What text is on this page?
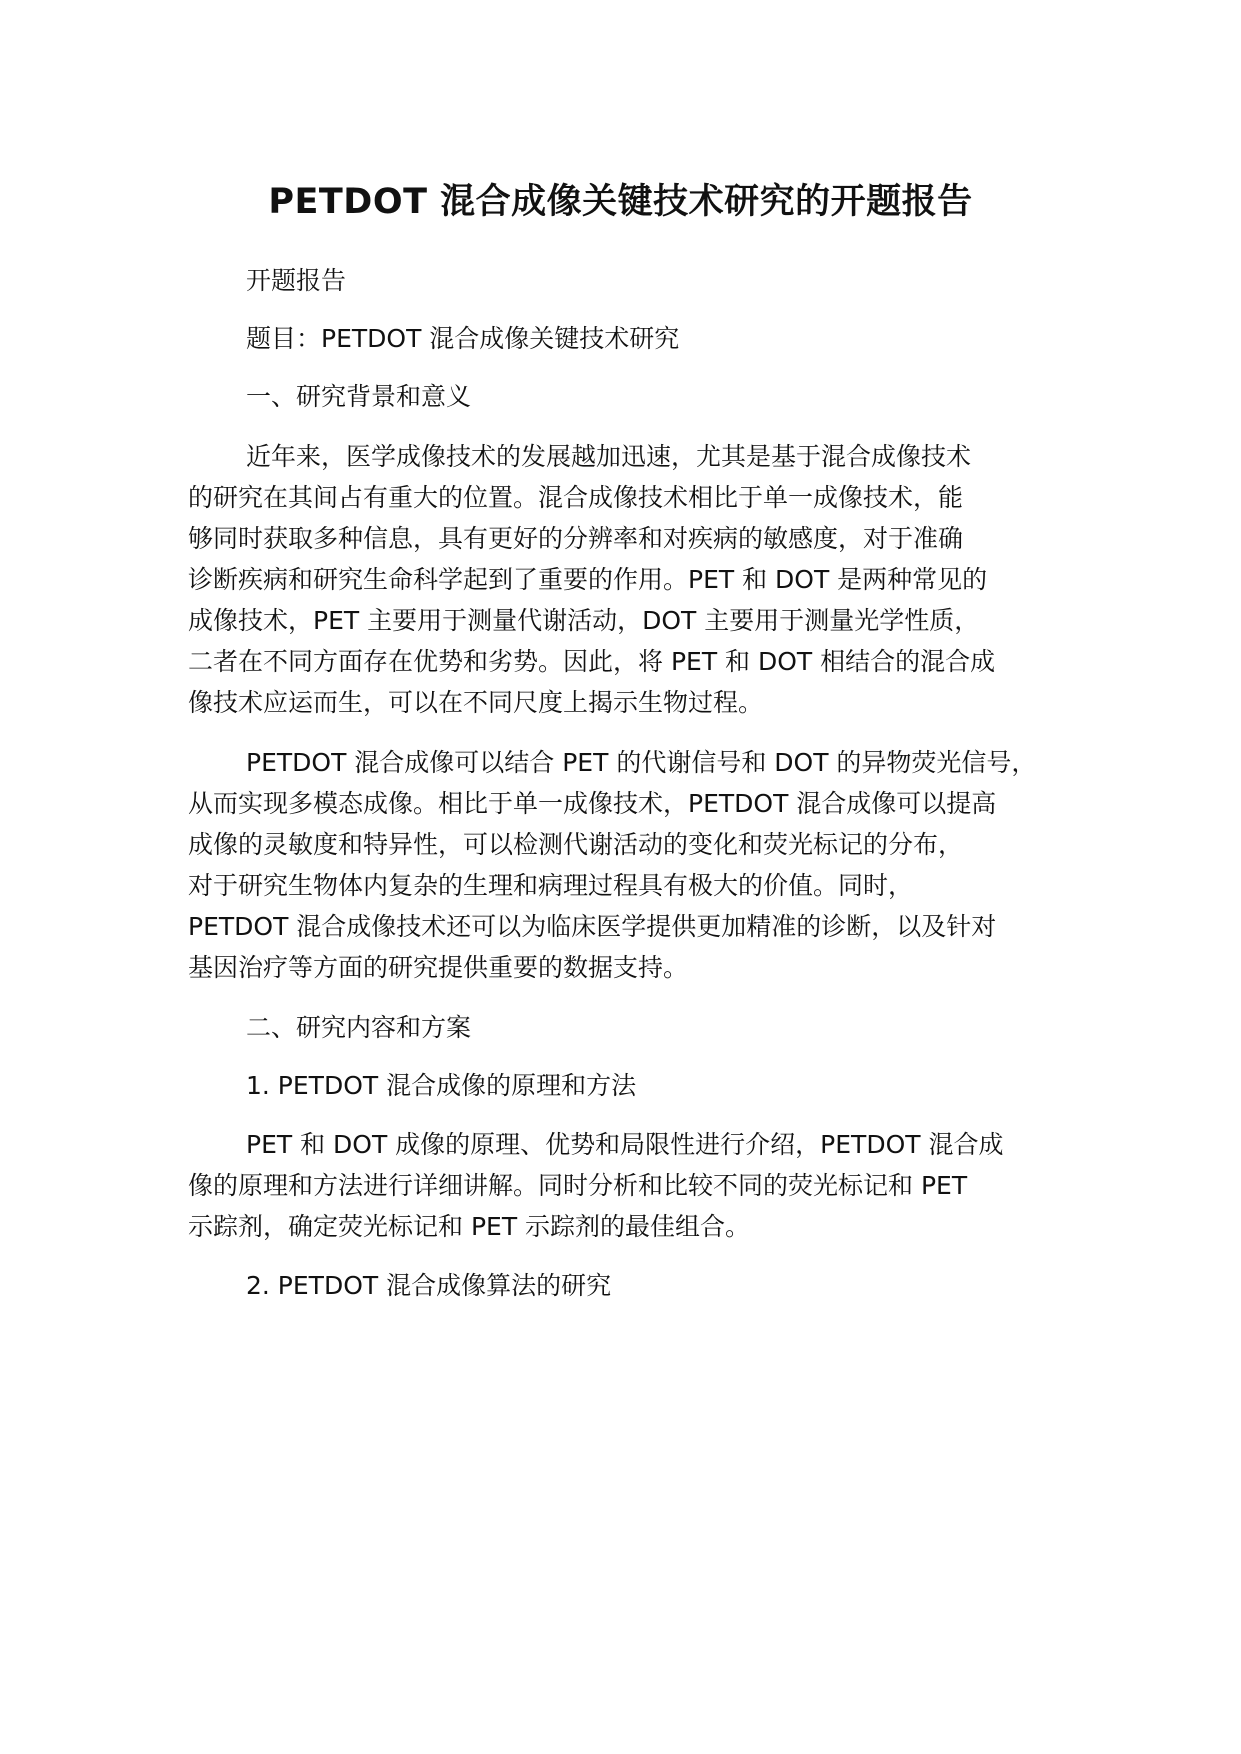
PETDOT 混合成像关键技术研究的开题报告
开题报告
题目：PETDOT 混合成像关键技术研究
一、研究背景和意义
近年来，医学成像技术的发展越加迅速，尤其是基于混合成像技术
的研究在其间占有重大的位置。混合成像技术相比于单一成像技术，能
够同时获取多种信息，具有更好的分辨率和对疾病的敏感度，对于准确
诊断疾病和研究生命科学起到了重要的作用。PET 和 DOT 是两种常见的
成像技术，PET 主要用于测量代谢活动，DOT 主要用于测量光学性质，
二者在不同方面存在优势和劣势。因此，将 PET 和 DOT 相结合的混合成
像技术应运而生，可以在不同尺度上揭示生物过程。
PETDOT 混合成像可以结合 PET 的代谢信号和 DOT 的异物荧光信号，
从而实现多模态成像。相比于单一成像技术，PETDOT 混合成像可以提高
成像的灵敏度和特异性，可以检测代谢活动的变化和荧光标记的分布，
对于研究生物体内复杂的生理和病理过程具有极大的价值。同时，
PETDOT 混合成像技术还可以为临床医学提供更加精准的诊断，以及针对
基因治疗等方面的研究提供重要的数据支持。
二、研究内容和方案
1. PETDOT 混合成像的原理和方法
PET 和 DOT 成像的原理、优势和局限性进行介绍，PETDOT 混合成
像的原理和方法进行详细讲解。同时分析和比较不同的荧光标记和 PET
示踪剂，确定荧光标记和 PET 示踪剂的最佳组合。
2. PETDOT 混合成像算法的研究
